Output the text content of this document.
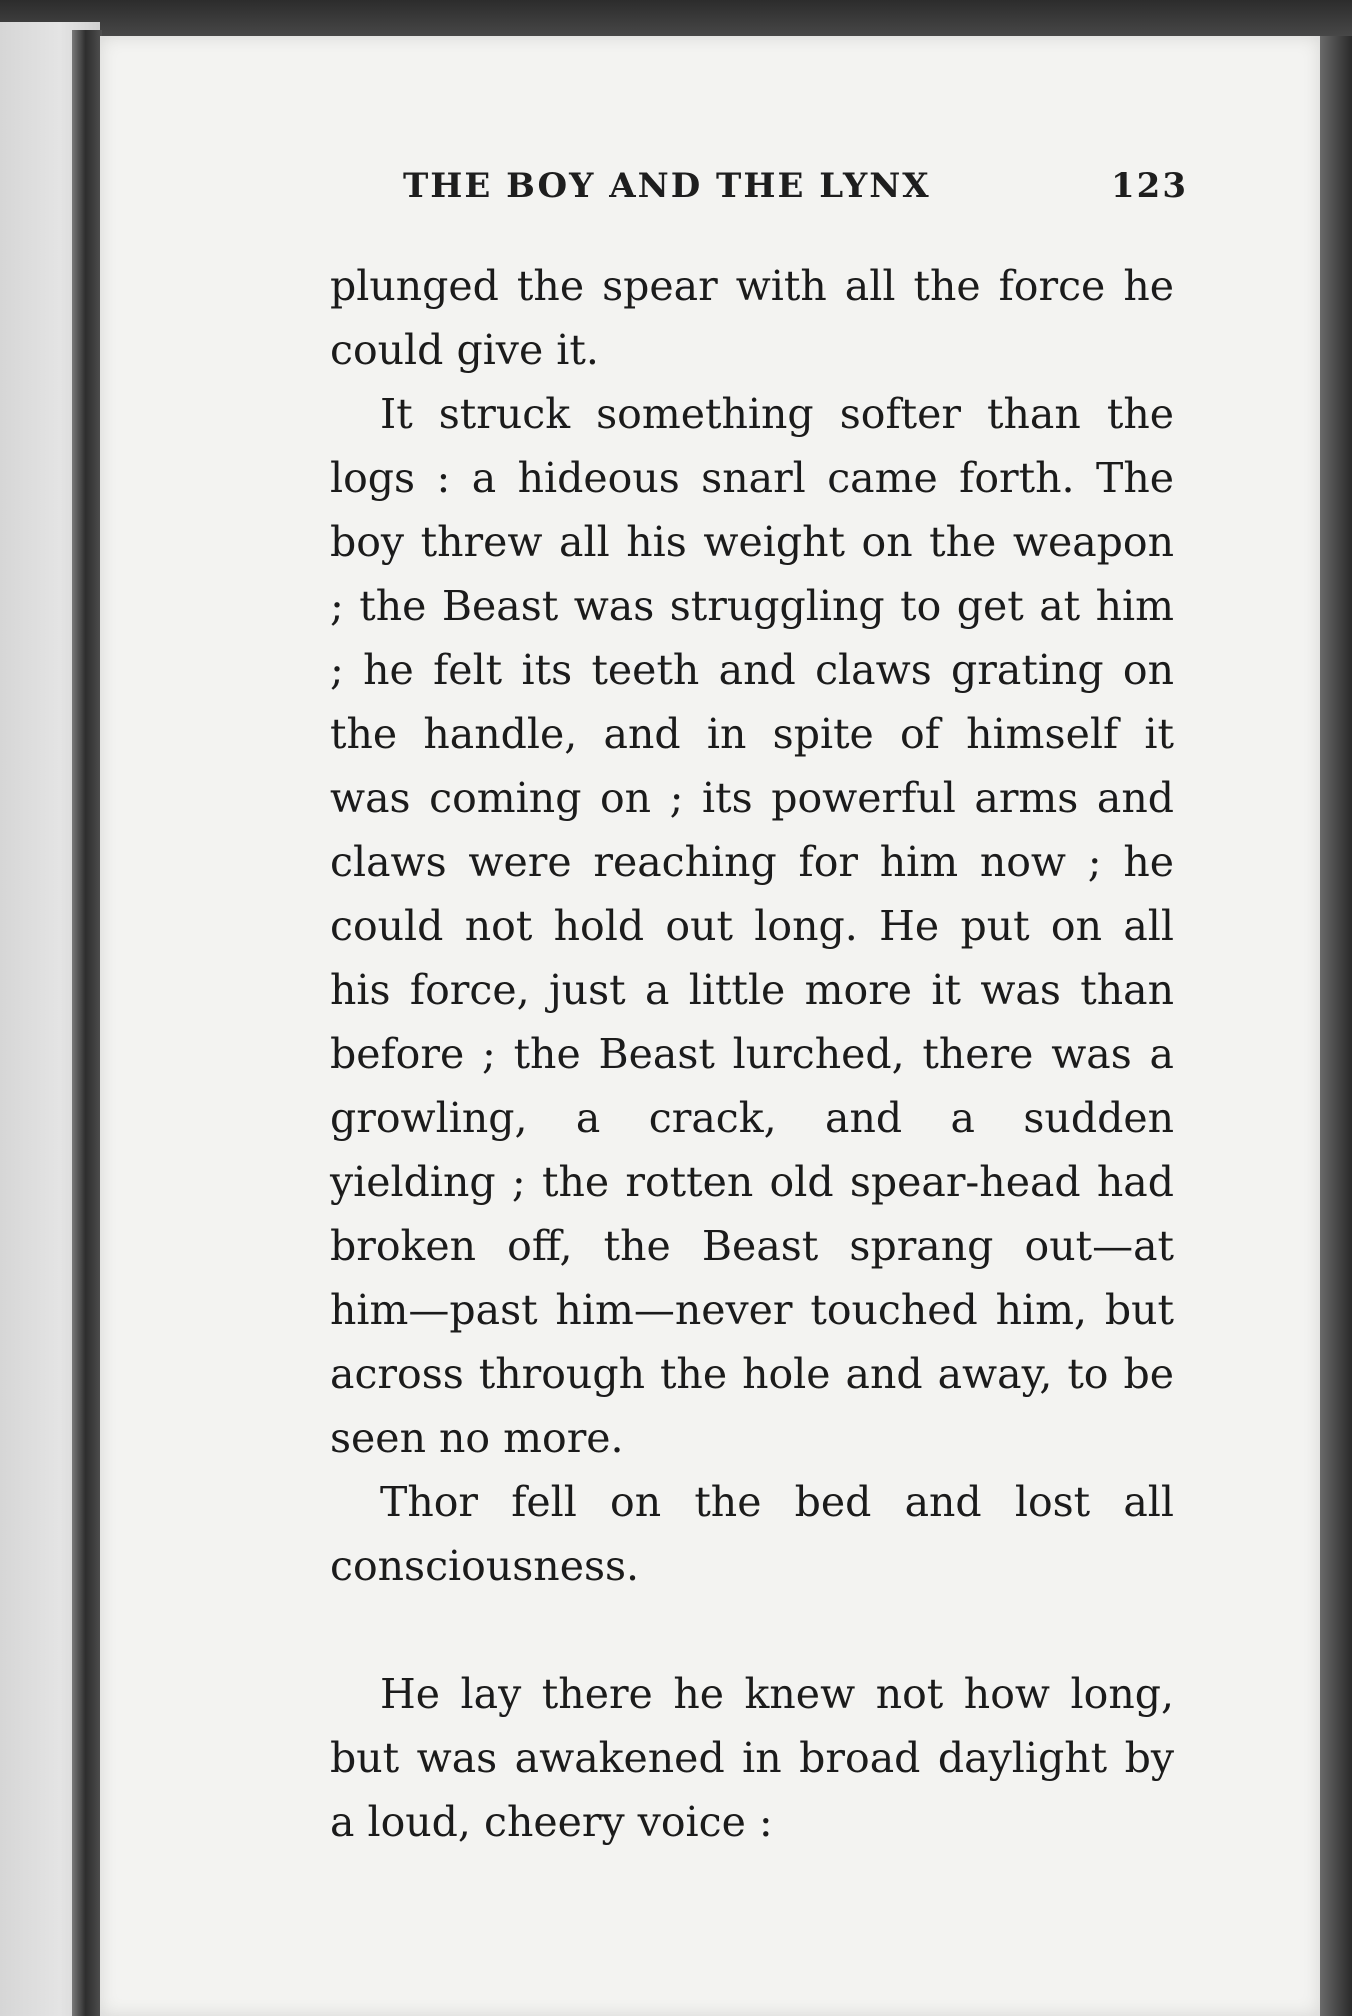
THE BOY AND THE LYNX	123

plunged the spear with all the force he could give it.

It struck something softer than the logs : a hideous snarl came forth. The boy threw all his weight on the weapon ; the Beast was struggling to get at him ; he felt its teeth and claws grating on the handle, and in spite of himself it was coming on ; its powerful arms and claws were reaching for him now ; he could not hold out long. He put on all his force, just a little more it was than before ; the Beast lurched, there was a growling, a crack, and a sudden yielding ; the rotten old spear-head had broken off, the Beast sprang out—at him—past him—never touched him, but across through the hole and away, to be seen no more.

Thor fell on the bed and lost all consciousness.

He lay there he knew not how long, but was awakened in broad daylight by a loud, cheery voice :
